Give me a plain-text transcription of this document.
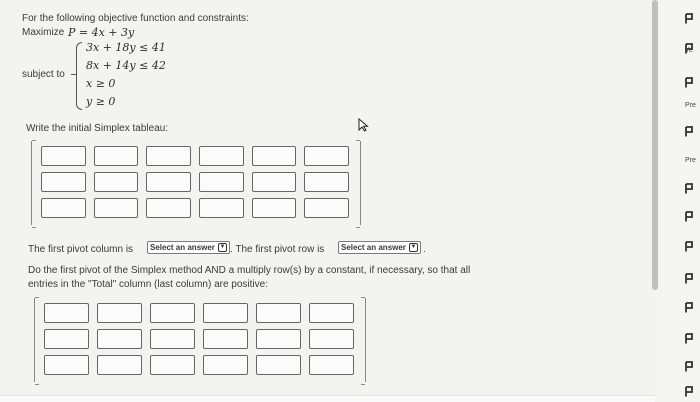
For the following objective function and constraints:
Maximize P = 4x + 3y
subject to
3x + 18y ≤ 41
8x + 14y ≤ 42
x ≥ 0
y ≥ 0
Write the initial Simplex tableau:
The first pivot column is	Select an answer ▼ . The first pivot row is	Select an answer ▼ .
Do the first pivot of the Simplex method AND a multiply row(s) by a constant, if necessary, so that all
entries in the "Total" column (last column) are positive:
Ye
Pre
Pre
